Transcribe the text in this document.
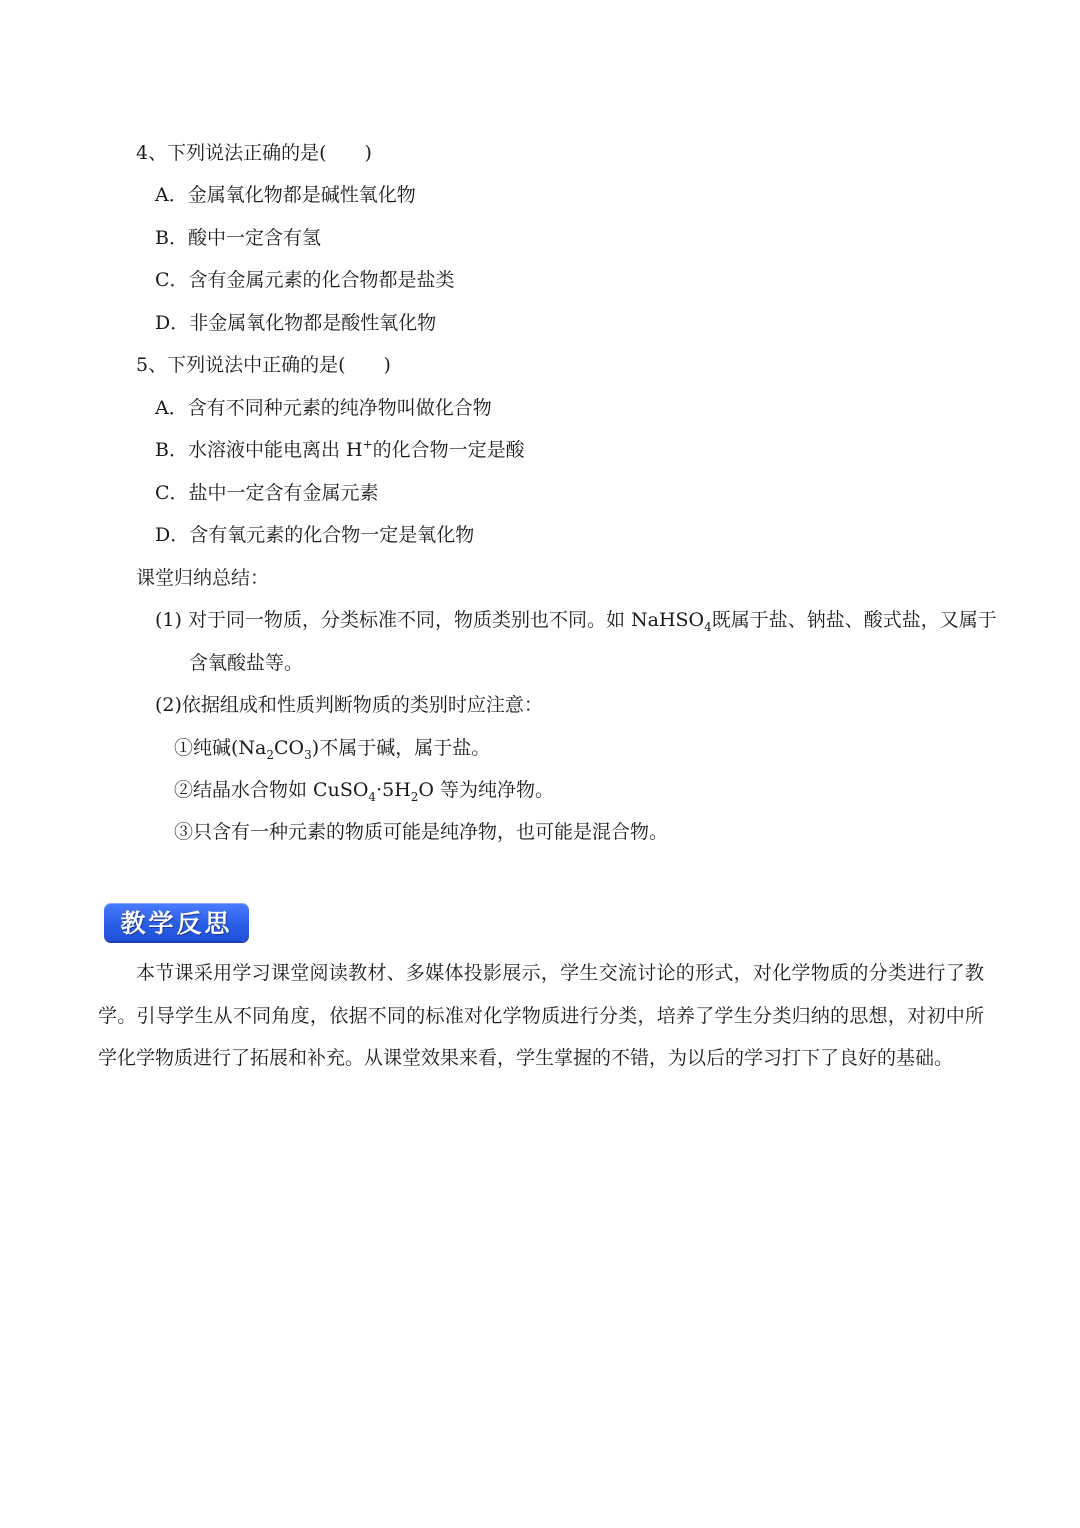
4、下列说法正确的是(　　)
A．金属氧化物都是碱性氧化物
B．酸中一定含有氢
C．含有金属元素的化合物都是盐类
D．非金属氧化物都是酸性氧化物
5、下列说法中正确的是(　　)
A．含有不同种元素的纯净物叫做化合物
B．水溶液中能电离出 H+的化合物一定是酸
C．盐中一定含有金属元素
D．含有氧元素的化合物一定是氧化物
课堂归纳总结：
(1) 对于同一物质，分类标准不同，物质类别也不同。如 NaHSO$_4$既属于盐、钠盐、酸式盐，又属于
含氧酸盐等。
(2)依据组成和性质判断物质的类别时应注意：
①纯碱$(Na_2CO_3)$不属于碱，属于盐。
②结晶水合物如 $CuSO_4\cdot 5H_2O$ 等为纯净物。
③只含有一种元素的物质可能是纯净物，也可能是混合物。
教学反思
本节课采用学习课堂阅读教材、多媒体投影展示，学生交流讨论的形式，对化学物质的分类进行了教学。引导学生从不同角度，依据不同的标准对化学物质进行分类，培养了学生分类归纳的思想，对初中所学化学物质进行了拓展和补充。从课堂效果来看，学生掌握的不错，为以后的学习打下了良好的基础。
